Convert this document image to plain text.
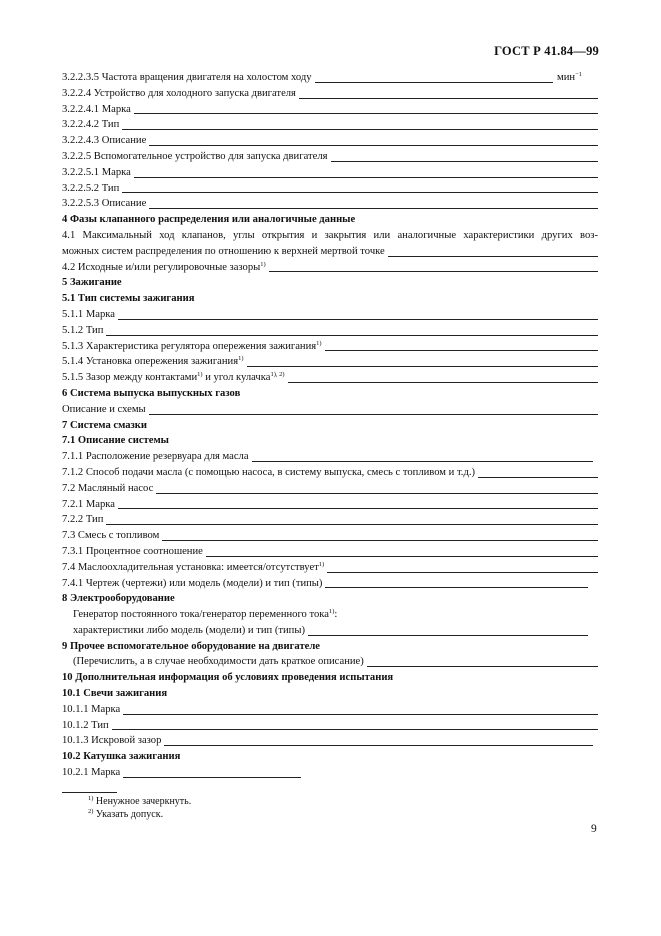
ГОСТ Р 41.84—99
3.2.2.3.5 Частота вращения двигателя на холостом ходу	мин$^{-1}$
3.2.2.4 Устройство для холодного запуска двигателя
3.2.2.4.1 Марка
3.2.2.4.2 Тип
3.2.2.4.3 Описание
3.2.2.5 Вспомогательное устройство для запуска двигателя
3.2.2.5.1 Марка
3.2.2.5.2 Тип
3.2.2.5.3 Описание
4 Фазы клапанного распределения или аналогичные данные
4.1 Максимальный ход клапанов, углы открытия и закрытия или аналогичные характеристики других воз-
можных систем распределения по отношению к верхней мертвой точке
4.2 Исходные и/или регулировочные зазоры$^{1)}$
5 Зажигание
5.1 Тип системы зажигания
5.1.1 Марка
5.1.2 Тип
5.1.3 Характеристика регулятора опережения зажигания$^{1)}$
5.1.4 Установка опережения зажигания$^{1)}$
5.1.5 Зазор между контактами$^{1)}$ и угол кулачка$^{1), 2)}$
6 Система выпуска выпускных газов
Описание и схемы
7 Система смазки
7.1 Описание системы
7.1.1 Расположение резервуара для масла
7.1.2 Способ подачи масла (с помощью насоса, в систему выпуска, смесь с топливом и т.д.)
7.2 Масляный насос
7.2.1 Марка
7.2.2 Тип
7.3 Смесь с топливом
7.3.1 Процентное соотношение
7.4 Маслоохладительная установка: имеется/отсутствует$^{1)}$
7.4.1 Чертеж (чертежи) или модель (модели) и тип (типы)
8 Электрооборудование
Генератор постоянного тока/генератор переменного тока$^{1)}$:
характеристики либо модель (модели) и тип (типы)
9 Прочее вспомогательное оборудование на двигателе
(Перечислить, а в случае необходимости дать краткое описание)
10 Дополнительная информация об условиях проведения испытания
10.1 Свечи зажигания
10.1.1 Марка
10.1.2 Тип
10.1.3 Искровой зазор
10.2 Катушка зажигания
10.2.1 Марка
$^{1)}$ Ненужное зачеркнуть.
$^{2)}$ Указать допуск.
9
